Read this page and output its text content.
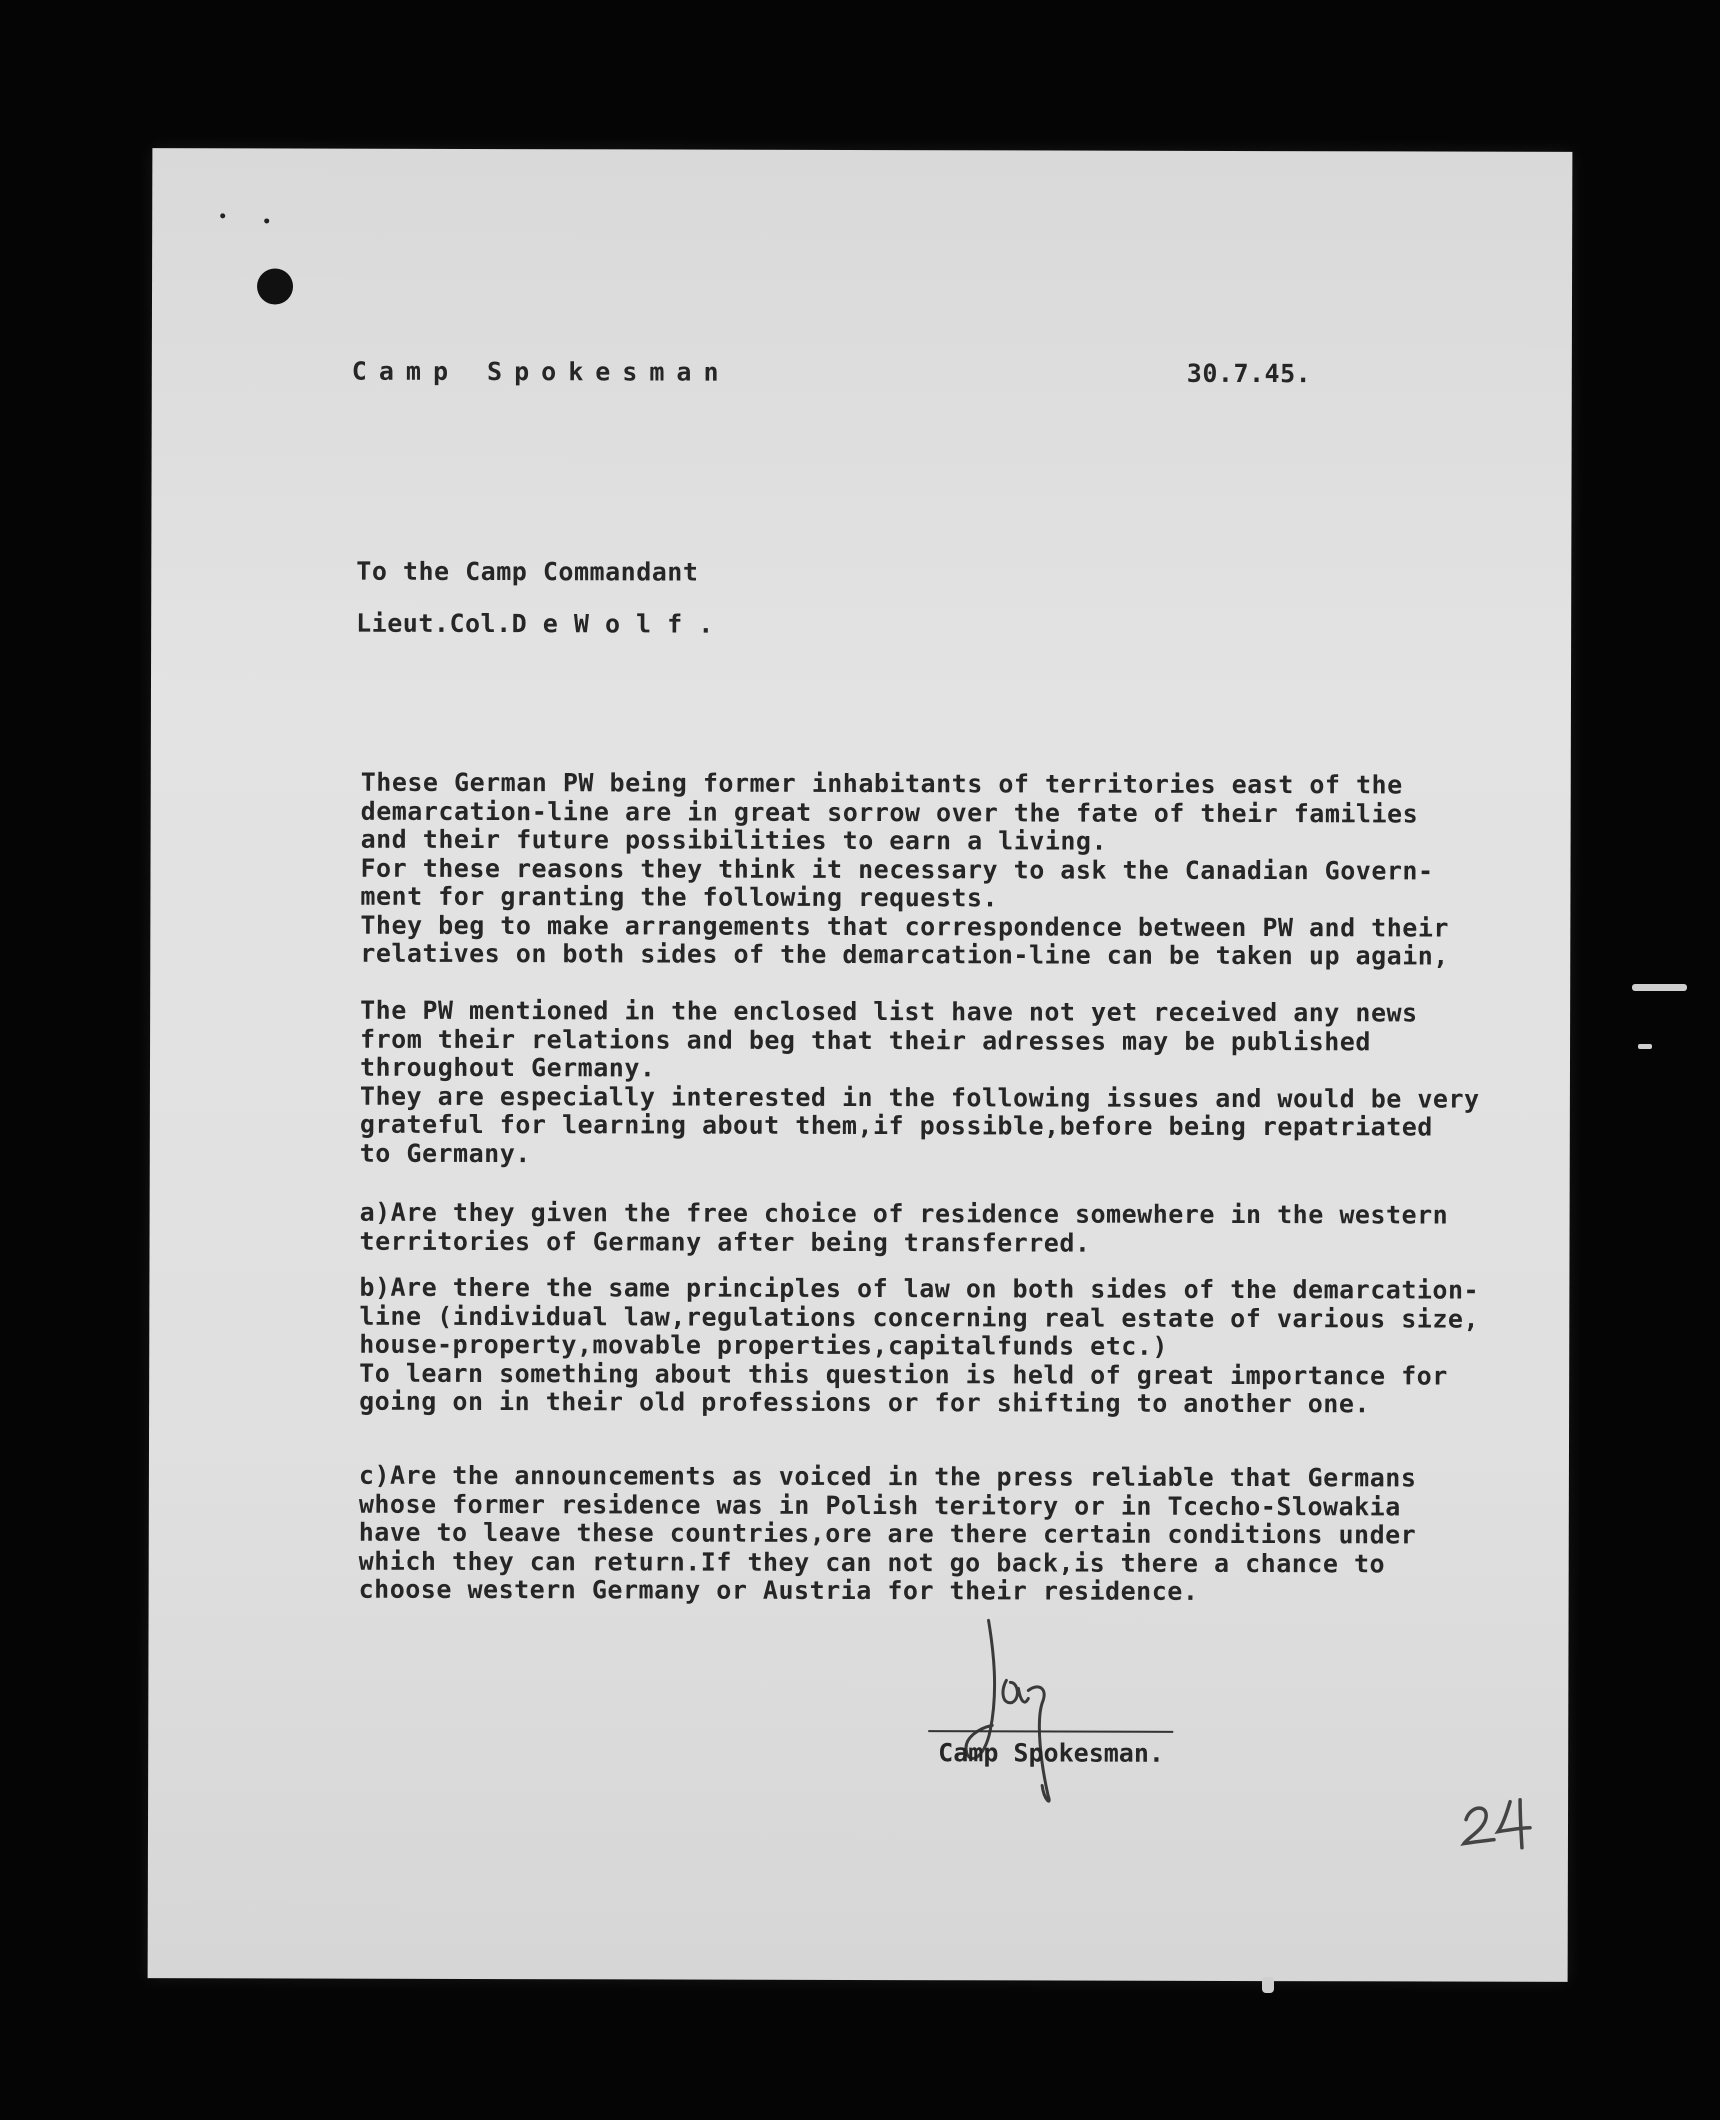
Camp Spokesman	30.7.45.
To the Camp Commandant
Lieut.Col.D e W o l f .
These German PW being former inhabitants of territories east of the
demarcation-line are in great sorrow over the fate of their families
and their future possibilities to earn a living.
For these reasons they think it necessary to ask the Canadian Govern-
ment for granting the following requests.
They beg to make arrangements that correspondence between PW and their
relatives on both sides of the demarcation-line can be taken up again,
The PW mentioned in the enclosed list have not yet received any news
from their relations and beg that their adresses may be published
throughout Germany.
They are especially interested in the following issues and would be very
grateful for learning about them,if possible,before being repatriated
to Germany.
a)Are they given the free choice of residence somewhere in the western
territories of Germany after being transferred.
b)Are there the same principles of law on both sides of the demarcation-
line (individual law,regulations concerning real estate of various size,
house-property,movable properties,capitalfunds etc.)
To learn something about this question is held of great importance for
going on in their old professions or for shifting to another one.
c)Are the announcements as voiced in the press reliable that Germans
whose former residence was in Polish teritory or in Tcecho-Slowakia
have to leave these countries,ore are there certain conditions under
which they can return.If they can not go back,is there a chance to
choose western Germany or Austria for their residence.
Camp Spokesman.
